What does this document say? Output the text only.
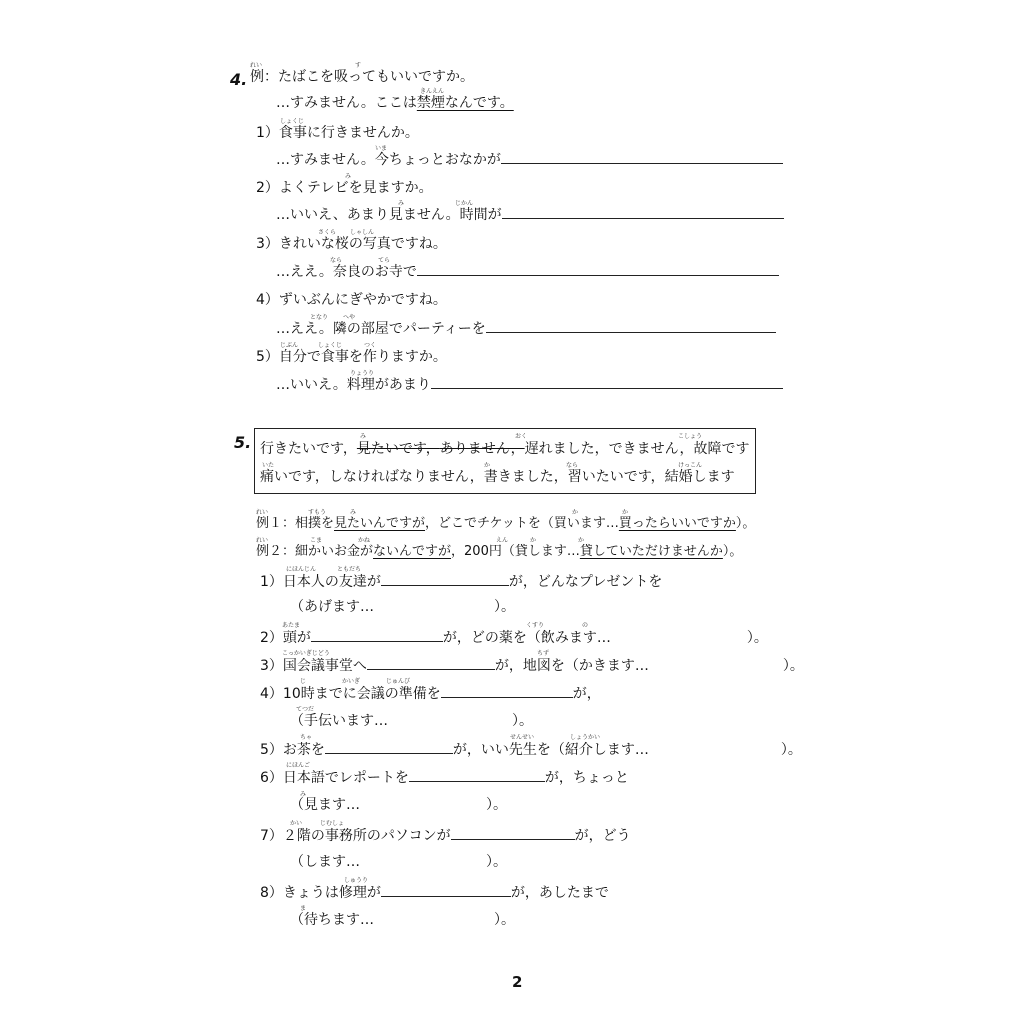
4.
れい	す
例：たばこを吸ってもいいですか。
きんえん
…すみません。ここは禁煙なんです。
しょくじ
1）食事に行きませんか。
いま
…すみません。今ちょっとおなかが
み
2）よくテレビを見ますか。
み	じかん
…いいえ、あまり見ません。時間が
さくら しゃしん
3）きれいな桜の写真ですね。
なら	てら
…ええ。奈良のお寺で
4）ずいぶんにぎやかですね。
となり へや
…ええ。隣の部屋でパーティーを
じぶん	しょくじ	つく
5）自分で食事を作りますか。
りょうり
…いいえ。料理があまり
5.	み	おく	こしょう
行きたいです，見たいです，ありません，遅れました，できません，故障です
いた	か	なら	けっこん
痛いです，しなければなりません，書きました，習いたいです，結婚します
れい	すもう	み	か	か
例１：相撲を見たいんですが，どこでチケットを（買います…買ったらいいですか）。
れい	こま	かね	えん	か	か
例２：細かいお金がないんですが，200円（貸します…貸していただけませんか）。
にほんじん	ともだち
1）日本人の友達が	が，どんなプレゼントを
（あげます…	）。
あたま	くすり	の
2）頭が	が，どの薬を（飲みます…	）。
こっかいぎじどう	ちず
3）国会議事堂へ	が，地図を（かきます…	）。
じ	かいぎ	じゅんび
4）10時までに会議の準備を	が，
てつだ
（手伝います…	）。
ちゃ	せんせい	しょうかい
5）お茶を	が，いい先生を（紹介します…	）。
にほんご
6）日本語でレポートを	が，ちょっと
み
（見ます…	）。
かい	じむしょ
7）２階の事務所のパソコンが	が，どう
（します…	）。
しゅうり
8）きょうは修理が	が，あしたまで
ま
（待ちます…	）。
2
